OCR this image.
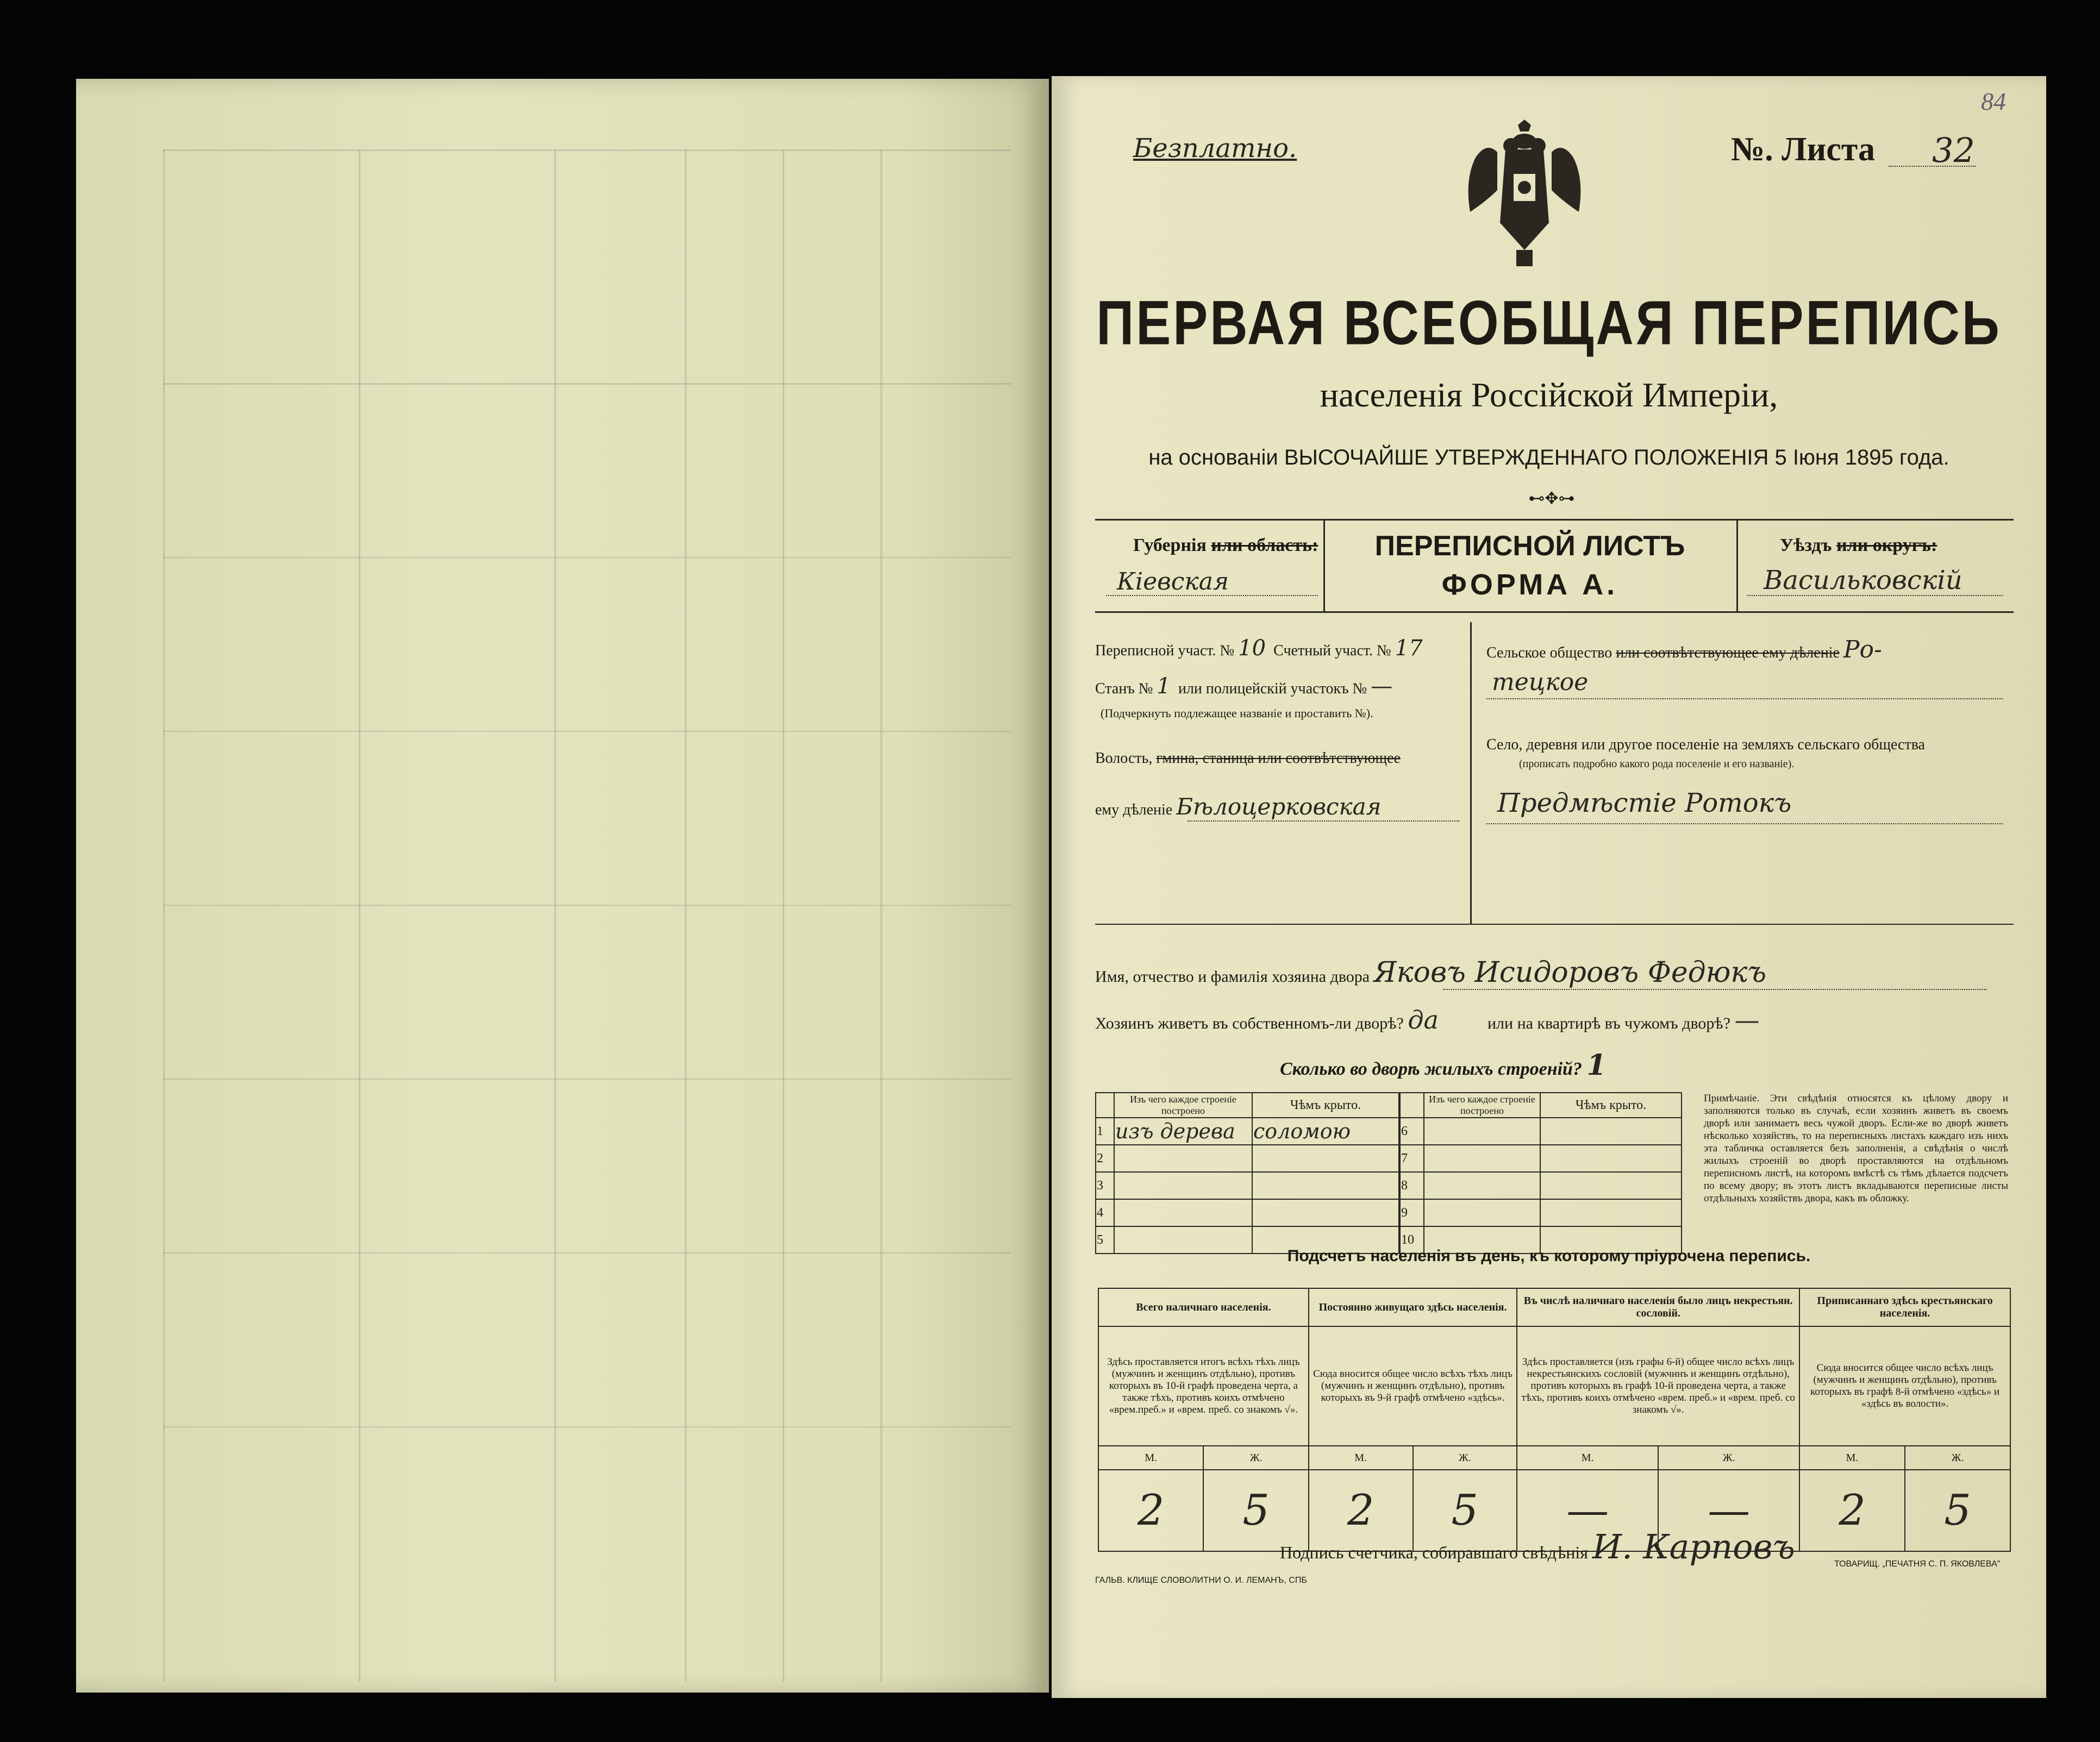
84
Безплатно.	№. Листа 32
ПЕРВАЯ ВСЕОБЩАЯ ПЕРЕПИСЬ
населенія Россійской Имперіи,
на основаніи ВЫСОЧАЙШЕ УТВЕРЖДЕННАГО ПОЛОЖЕНІЯ 5 Іюня 1895 года.
⊷✥⊶
Губернія или область:
Кіевская
ПЕРЕПИСНОЙ ЛИСТЪ
ФОРМА А.
Уѣздъ или округъ:
Васильковскій
Переписной участ. № 10 Счетный участ. № 17
Станъ № 1 или полицейскій участокъ № —
(Подчеркнуть подлежащее названіе и проставить №).
Волость, гмина, станица или соотвѣтствующее
ему дѣленіе Бѣлоцерковская
Сельское общество или соотвѣтствующее ему дѣленіе Ро-
тецкое
Село, деревня или другое поселеніе на земляхъ сельскаго общества
(прописать подробно какого рода поселеніе и его названіе).
Предмѣстіе Ротокъ
Имя, отчество и фамилія хозяина двора Яковъ Исидоровъ Федюкъ
Хозяинъ живетъ въ собственномъ-ли дворѣ? да	или на квартирѣ въ чужомъ дворѣ? —
Сколько во дворѣ жилыхъ строеній? 1
	Изъ чего каждое строеніе построено	Чѣмъ крыто.
1	изъ дерева	соломою
2		
3		
4		
5		
	Изъ чего каждое строеніе построено	Чѣмъ крыто.
6		
7		
8		
9		
10		
Примѣчаніе. Эти свѣдѣнія относятся къ цѣлому двору и заполняются только въ случаѣ, если хозяинъ живетъ въ своемъ дворѣ или занимаетъ весь чужой дворъ. Если-же во дворѣ живетъ нѣсколько хозяйствъ, то на переписныхъ листахъ каждаго изъ нихъ эта табличка оставляется безъ заполненія, а свѣдѣнія о числѣ жилыхъ строеній во дворѣ проставляются на отдѣльномъ переписномъ листѣ, на которомъ вмѣстѣ съ тѣмъ дѣлается подсчетъ по всему двору; въ этотъ листъ вкладываются переписные листы отдѣльныхъ хозяйствъ двора, какъ въ обложку.
Подсчетъ населенія въ день, къ которому пріурочена перепись.
Всего наличнаго населенія.		Постоянно живущаго здѣсь населенія.		Въ числѣ наличнаго населенія было лицъ некрестьян. сословій.		Приписаннаго здѣсь крестьянскаго населенія.	
Здѣсь проставляется итогъ всѣхъ тѣхъ лицъ (мужчинъ и женщинъ отдѣльно), противъ которыхъ въ 10-й графѣ проведена черта, а также тѣхъ, противъ коихъ отмѣчено «врем.преб.» и «врем. преб. со знакомъ √».		Сюда вносится общее число всѣхъ тѣхъ лицъ (мужчинъ и женщинъ отдѣльно), противъ которыхъ въ 9-й графѣ отмѣчено «здѣсь».		Здѣсь проставляется (изъ графы 6-й) общее число всѣхъ лицъ некрестьянскихъ сословій (мужчинъ и женщинъ отдѣльно), противъ которыхъ въ графѣ 10-й проведена черта, а также тѣхъ, противъ коихъ отмѣчено «врем. преб.» и «врем. преб. со знакомъ √».		Сюда вносится общее число всѣхъ лицъ (мужчинъ и женщинъ отдѣльно), противъ которыхъ въ графѣ 8-й отмѣчено «здѣсь» и «здѣсь въ волости».	
М.	Ж.	М.	Ж.	М.	Ж.	М.	Ж.
2	5	2	5	—	—	2	5
Подпись счетчика, собиравшаго свѣдѣнія И. Карповъ
ГАЛЬВ. КЛИЩЕ СЛОВОЛИТНИ О. И. ЛЕМАНЪ, СПБ
ТОВАРИЩ. „ПЕЧАТНЯ С. П. ЯКОВЛЕВА"
